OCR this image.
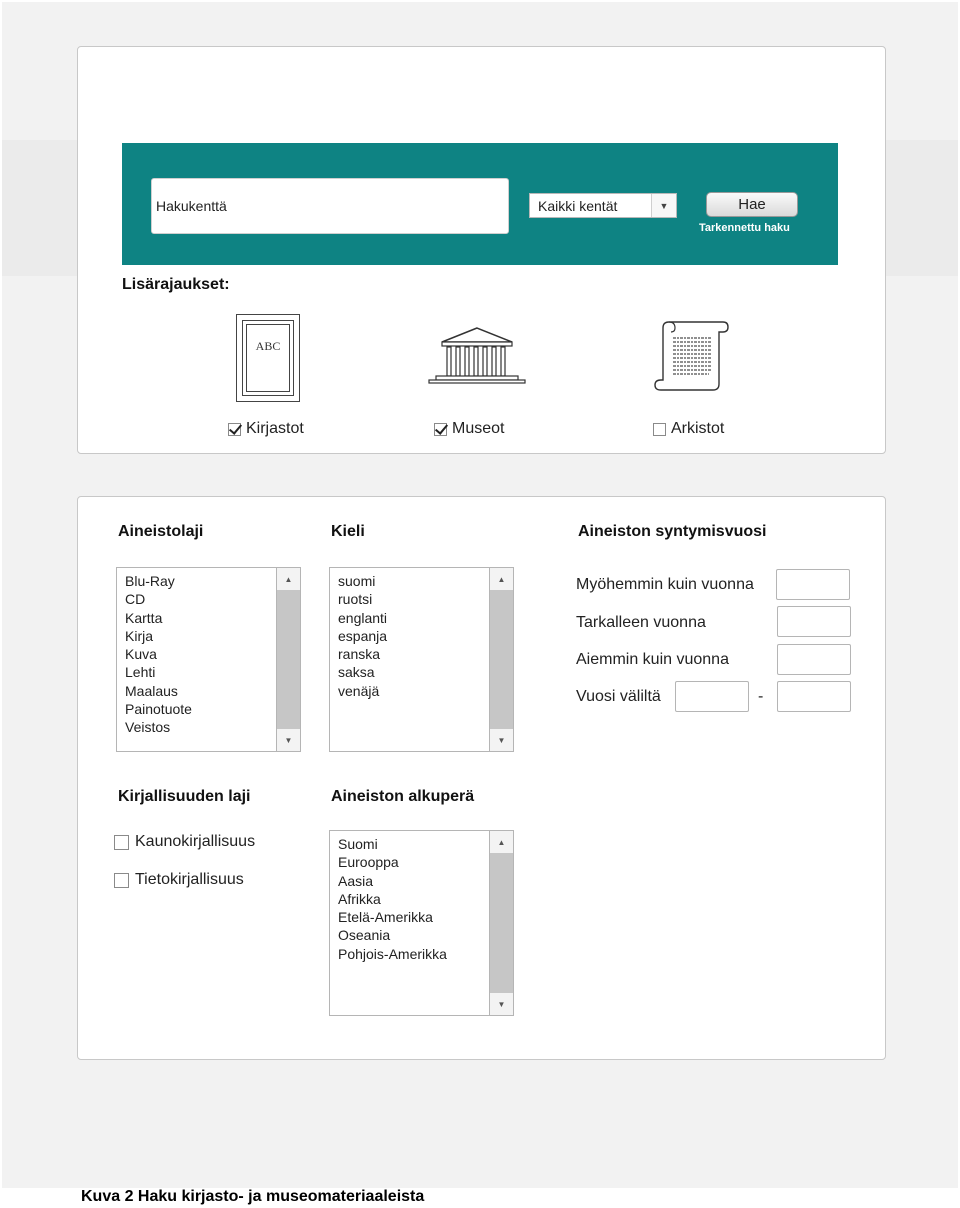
Hakukenttä
Kaikki kentät	▼	Hae
Tarkennettu haku
Lisärajaukset:
ABC
Kirjastot	Museot	Arkistot
Aineistolaji
Blu-Ray
CD
Kartta
Kirja
Kuva
Lehti
Maalaus
Painotuote
Veistos
▲
▼
Kieli
suomi
ruotsi
englanti
espanja
ranska
saksa
venäjä
▲
▼
Aineiston syntymisvuosi
Myöhemmin kuin vuonna
Tarkalleen vuonna
Aiemmin kuin vuonna
Vuosi väliltä	-
Kirjallisuuden laji
Kaunokirjallisuus
Tietokirjallisuus
Aineiston alkuperä
Suomi
Eurooppa
Aasia
Afrikka
Etelä-Amerikka
Oseania
Pohjois-Amerikka
▲
▼
Kuva 2 Haku kirjasto- ja museomateriaaleista
